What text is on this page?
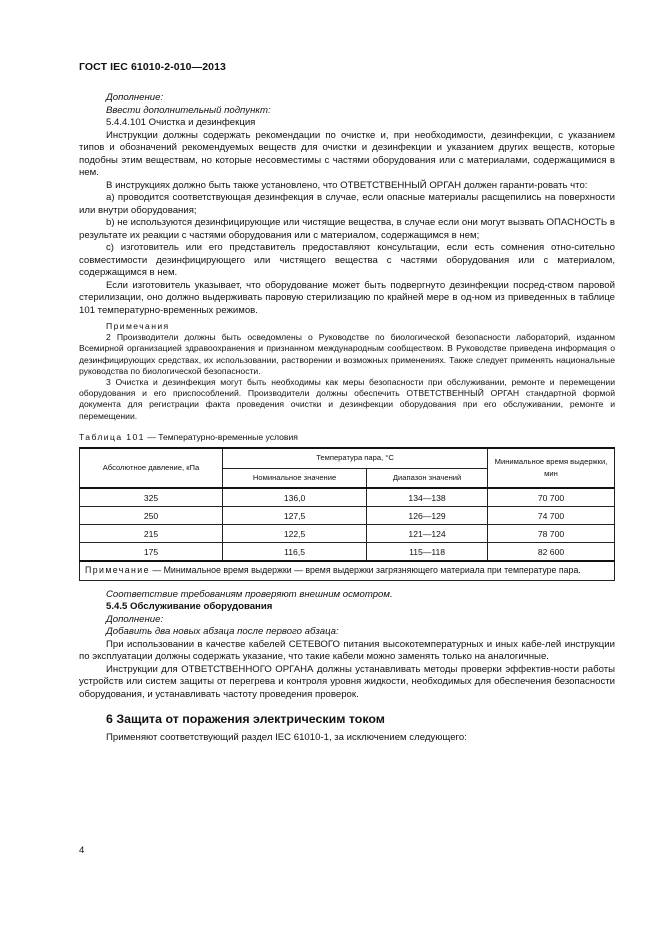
ГОСТ IEC 61010-2-010—2013

Дополнение:

Ввести дополнительный подпункт:

5.4.4.101 Очистка и дезинфекция

Инструкции должны содержать рекомендации по очистке и, при необходимости, дезинфекции, с указанием типов и обозначений рекомендуемых веществ для очистки и дезинфекции и указанием других веществ, которые подобны этим веществам, но которые несовместимы с частями оборудования или с материалами, содержащимися в нем.

В инструкциях должно быть также установлено, что ОТВЕТСТВЕННЫЙ ОРГАН должен гаранти-ровать что:

а) проводится соответствующая дезинфекция в случае, если опасные материалы расщепились на поверхности или внутри оборудования;

b) не используются дезинфицирующие или чистящие вещества, в случае если они могут вызвать ОПАСНОСТЬ в результате их реакции с частями оборудования или с материалом, содержащимся в нем;

с) изготовитель или его представитель предоставляют консультации, если есть сомнения отно-сительно совместимости дезинфицирующего или чистящего вещества с частями оборудования или с материалом, содержащимся в нем.

Если изготовитель указывает, что оборудование может быть подвергнуто дезинфекции посред-ством паровой стерилизации, оно должно выдерживать паровую стерилизацию по крайней мере в од-ном из приведенных в таблице 101 температурно-временных режимов.

Примечания

2 Производители должны быть осведомлены о Руководстве по биологической безопасности лабораторий, изданном Всемирной организацией здравоохранения и признанном международным сообществом. В Руководстве приведена информация о дезинфицирующих средствах, их использовании, растворении и возможных применениях. Также следует применять национальные руководства по биологической безопасности.

3 Очистка и дезинфекция могут быть необходимы как меры безопасности при обслуживании, ремонте и перемещении оборудования и его приспособлений. Производители должны обеспечить ОТВЕТСТВЕННЫЙ ОРГАН стандартной формой документа для регистрации факта проведения очистки и дезинфекции оборудования при его обслуживании, ремонте и перемещении.

Таблица 101 — Температурно-временные условия
Абсолютное давление, кПа	Температура пара, °С		Минимальное время выдержки, мин
	Номинальное значение	Диапазон значений	
325	136,0	134—138	70 700
250	127,5	126—129	74 700
215	122,5	121—124	78 700
175	116,5	115—118	82 600
Примечание — Минимальное время выдержки — время выдержки загрязняющего материала при температуре пара.			

Соответствие требованиям проверяют внешним осмотром.

5.4.5 Обслуживание оборудования

Дополнение:

Добавить два новых абзаца после первого абзаца:

При использовании в качестве кабелей СЕТЕВОГО питания высокотемпературных и иных кабе-лей инструкции по эксплуатации должны содержать указание, что такие кабели можно заменять только на аналогичные.

Инструкции для ОТВЕТСТВЕННОГО ОРГАНА должны устанавливать методы проверки эффектив-ности работы устройств или систем защиты от перегрева и контроля уровня жидкости, необходимых для обеспечения безопасности оборудования, и устанавливать частоту проведения проверок.

6 Защита от поражения электрическим током

Применяют соответствующий раздел IEC 61010-1, за исключением следующего:

4
